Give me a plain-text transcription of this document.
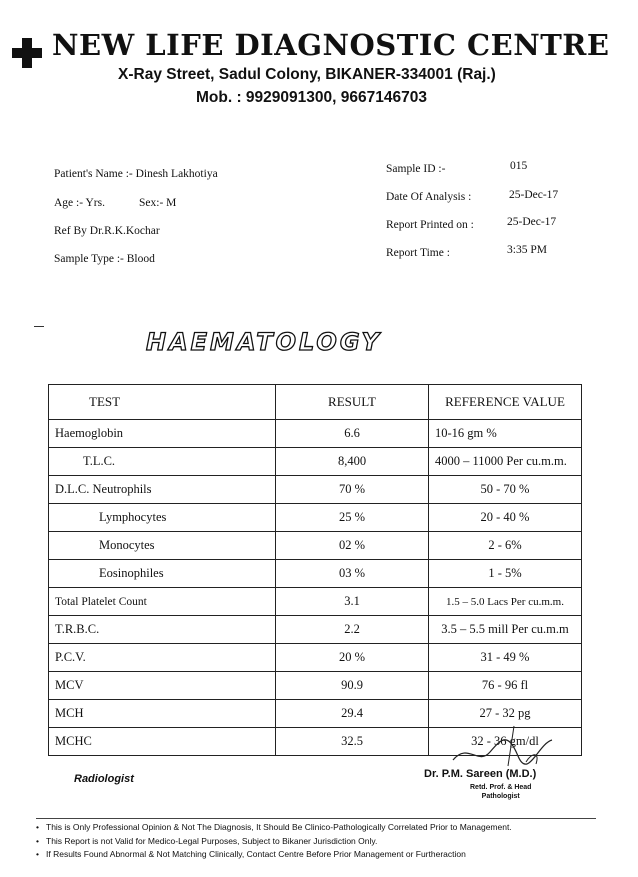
NEW LIFE DIAGNOSTIC CENTRE
X-Ray Street, Sadul Colony, BIKANER-334001 (Raj.)
Mob. : 9929091300, 9667146703
Patient's Name :- Dinesh Lakhotiya
Age :- Yrs.	Sex:- M
Ref By Dr.R.K.Kochar
Sample Type :- Blood
Sample ID :-	015
Date Of Analysis :	25-Dec-17
Report Printed on :	25-Dec-17
Report Time :	3:35 PM
HAEMATOLOGY
TEST	RESULT	REFERENCE VALUE
Haemoglobin	6.6	10-16 gm %
T.L.C.	8,400	4000 – 11000 Per cu.m.m.
D.L.C. Neutrophils	70 %	50 - 70 %
Lymphocytes	25 %	20 - 40 %
Monocytes	02 %	2 - 6%
Eosinophiles	03 %	1 - 5%
Total Platelet Count	3.1	1.5 – 5.0 Lacs Per cu.m.m.
T.R.B.C.	2.2	3.5 – 5.5 mill Per cu.m.m
P.C.V.	20 %	31 - 49 %
MCV	90.9	76 - 96 fl
MCH	29.4	27 - 32 pg
MCHC	32.5	32 - 36 gm/dl
Radiologist	Dr. P.M. Sareen (M.D.)
Retd. Prof. & Head
Pathologist
• This is Only Professional Opinion & Not The Diagnosis, It Should Be Clinico-Pathologically Correlated Prior to Management.
• This Report is not Valid for Medico-Legal Purposes, Subject to Bikaner Jurisdiction Only.
• If Results Found Abnormal & Not Matching Clinically, Contact Centre Before Prior Management or Furtheraction
